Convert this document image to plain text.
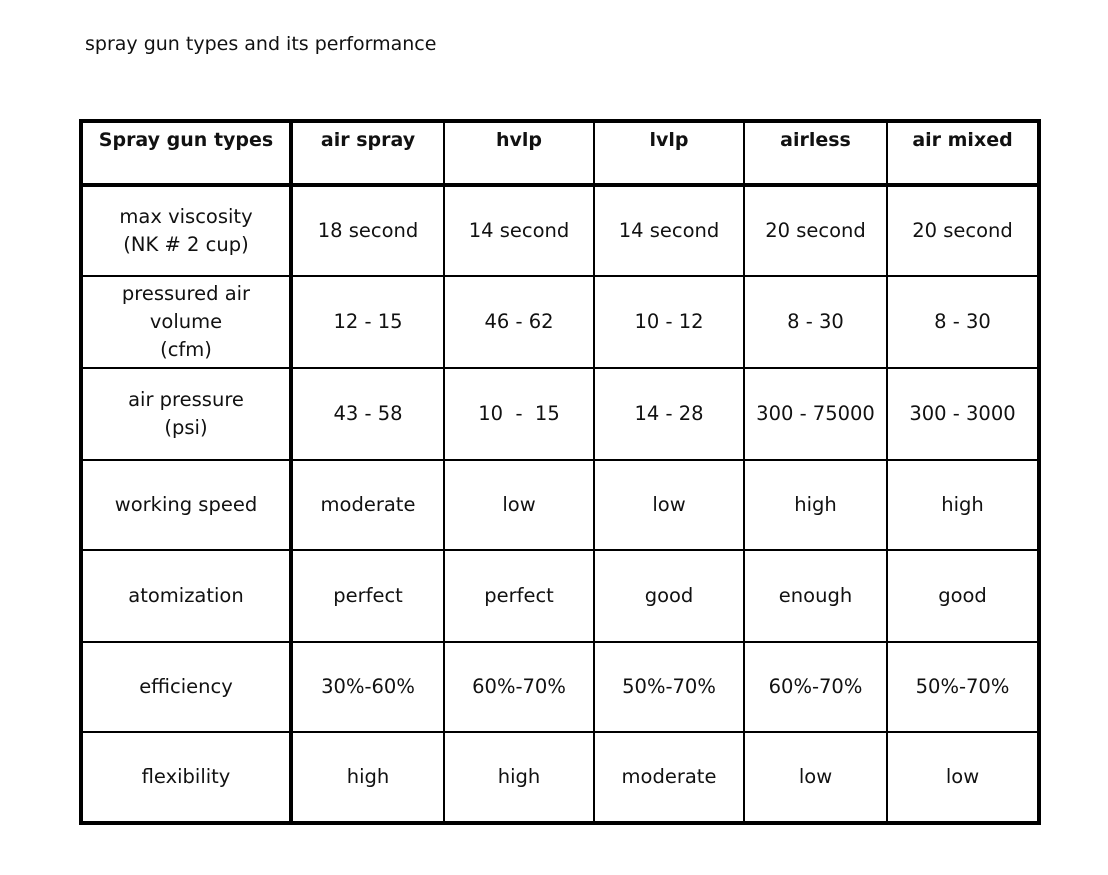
spray gun types and its performance
Spray gun types	air spray	hvlp	lvlp	airless	air mixed

max viscosity
(NK # 2 cup)	18 second	14 second	14 second	20 second	20 second

pressured air volume
(cfm)	12 - 15	46 - 62	10 - 12	8 - 30	8 - 30

air pressure
(psi)	43 - 58	10  -  15	14 - 28	300 - 75000	300 - 3000

working speed	moderate	low	low	high	high

atomization	perfect	perfect	good	enough	good

efficiency	30%-60%	60%-70%	50%-70%	60%-70%	50%-70%

flexibility	high	high	moderate	low	low
